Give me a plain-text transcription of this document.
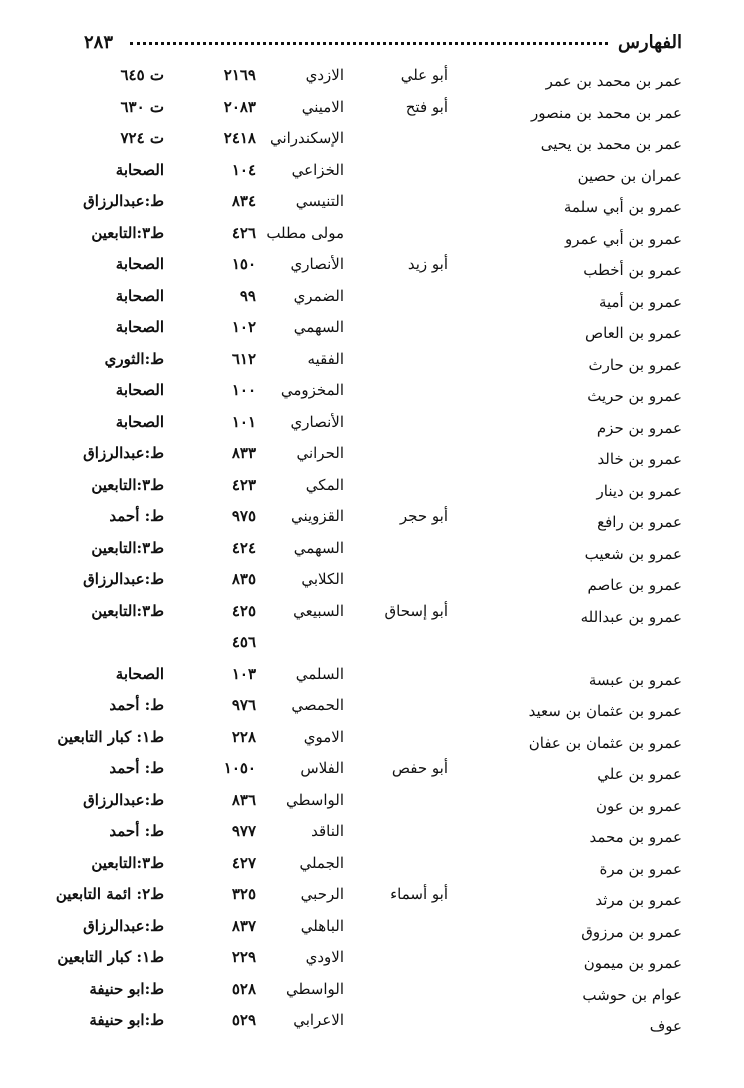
الفهارس
٢٨٣
عمر بن محمد بن عمر
أبو علي
الازدي
٢١٦٩
ت ٦٤٥
عمر بن محمد بن منصور
أبو فتح
الاميني
٢٠٨٣
ت ٦٣٠
عمر بن محمد بن يحيى
الإسكندراني
٢٤١٨
ت ٧٢٤
عمران بن حصين
الخزاعي
١٠٤
الصحابة
عمرو بن أبي سلمة
التنيسي
٨٣٤
ط:عبدالرزاق
عمرو بن أبي عمرو
مولى مطلب
٤٢٦
ط٣:التابعين
عمرو بن أخطب
أبو زيد
الأنصاري
١٥٠
الصحابة
عمرو بن أمية
الضمري
٩٩
الصحابة
عمرو بن العاص
السهمي
١٠٢
الصحابة
عمرو بن حارث
الفقيه
٦١٢
ط:الثوري
عمرو بن حريث
المخزومي
١٠٠
الصحابة
عمرو بن حزم
الأنصاري
١٠١
الصحابة
عمرو بن خالد
الحراني
٨٣٣
ط:عبدالرزاق
عمرو بن دينار
المكي
٤٢٣
ط٣:التابعين
عمرو بن رافع
أبو حجر
القزويني
٩٧٥
ط: أحمد
عمرو بن شعيب
السهمي
٤٢٤
ط٣:التابعين
عمرو بن عاصم
الكلابي
٨٣٥
ط:عبدالرزاق
عمرو بن عبدالله
أبو إسحاق
السبيعي
٤٢٥
ط٣:التابعين
٤٥٦
عمرو بن عبسة
السلمي
١٠٣
الصحابة
عمرو بن عثمان بن سعيد
الحمصي
٩٧٦
ط: أحمد
عمرو بن عثمان بن عفان
الاموي
٢٢٨
ط١: كبار التابعين
عمرو بن علي
أبو حفص
الفلاس
١٠٥٠
ط: أحمد
عمرو بن عون
الواسطي
٨٣٦
ط:عبدالرزاق
عمرو بن محمد
الناقد
٩٧٧
ط: أحمد
عمرو بن مرة
الجملي
٤٢٧
ط٣:التابعين
عمرو بن مرثد
أبو أسماء
الرحبي
٣٢٥
ط٢: ائمة التابعين
عمرو بن مرزوق
الباهلي
٨٣٧
ط:عبدالرزاق
عمرو بن ميمون
الاودي
٢٢٩
ط١: كبار التابعين
عوام بن حوشب
الواسطي
٥٢٨
ط:ابو حنيفة
عوف
الاعرابي
٥٢٩
ط:ابو حنيفة
